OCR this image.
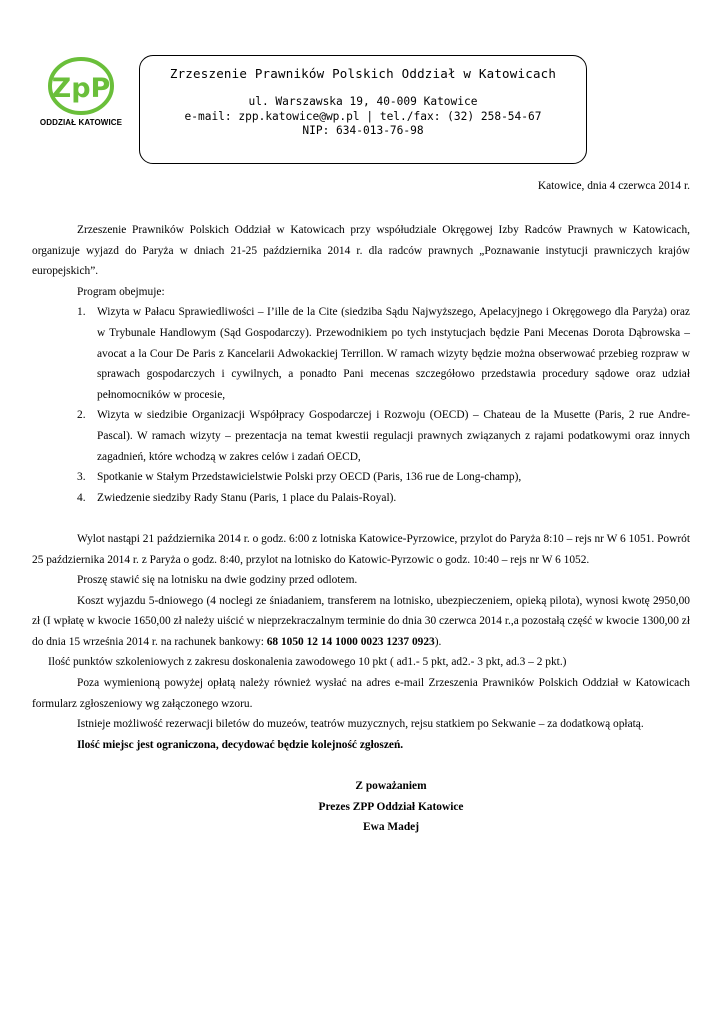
ZpP
ODDZIAŁ KATOWICE
Zrzeszenie Prawników Polskich Oddział w Katowicach
ul. Warszawska 19, 40-009 Katowice
e-mail: zpp.katowice@wp.pl | tel./fax: (32) 258-54-67
NIP: 634-013-76-98
Katowice, dnia 4 czerwca 2014 r.

Zrzeszenie Prawników Polskich Oddział w Katowicach przy współudziale Okręgowej Izby Radców Prawnych w Katowicach, organizuje wyjazd do Paryża w dniach 21-25 października 2014 r. dla radców prawnych „Poznawanie instytucji prawniczych krajów europejskich”.

Program obejmuje:

1. Wizyta w Pałacu Sprawiedliwości – I’ille de la Cite (siedziba Sądu Najwyższego, Apelacyjnego i Okręgowego dla Paryża) oraz w Trybunale Handlowym (Sąd Gospodarczy). Przewodnikiem po tych instytucjach będzie Pani Mecenas Dorota Dąbrowska – avocat a la Cour De Paris z Kancelarii Adwokackiej Terrillon. W ramach wizyty będzie można obserwować przebieg rozpraw w sprawach gospodarczych i cywilnych, a ponadto Pani mecenas szczegółowo przedstawia procedury sądowe oraz udział pełnomocników w procesie,
2. Wizyta w siedzibie Organizacji Współpracy Gospodarczej i Rozwoju (OECD) – Chateau de la Musette (Paris, 2 rue Andre-Pascal). W ramach wizyty – prezentacja na temat kwestii regulacji prawnych związanych z rajami podatkowymi oraz innych zagadnień, które wchodzą w zakres celów i zadań OECD,
3. Spotkanie w Stałym Przedstawicielstwie Polski przy OECD (Paris, 136 rue de Long-champ),
4. Zwiedzenie siedziby Rady Stanu (Paris, 1 place du Palais-Royal).

Wylot nastąpi 21 października 2014 r. o godz. 6:00 z lotniska Katowice-Pyrzowice, przylot do Paryża 8:10 – rejs nr W 6 1051. Powrót 25 października 2014 r. z Paryża o godz. 8:40, przylot na lotnisko do Katowic-Pyrzowic o godz. 10:40 – rejs nr W 6 1052.

Proszę stawić się na lotnisku na dwie godziny przed odlotem.

Koszt wyjazdu 5-dniowego (4 noclegi ze śniadaniem, transferem na lotnisko, ubezpieczeniem, opieką pilota), wynosi kwotę 2950,00 zł (I wpłatę w kwocie 1650,00 zł należy uiścić w nieprzekraczalnym terminie do dnia 30 czerwca 2014 r.,a pozostałą część w kwocie 1300,00 zł do dnia 15 września 2014 r. na rachunek bankowy: 68 1050 12 14 1000 0023 1237 0923).

Ilość punktów szkoleniowych z zakresu doskonalenia zawodowego 10 pkt ( ad1.- 5 pkt, ad2.- 3 pkt, ad.3 – 2 pkt.)

Poza wymienioną powyżej opłatą należy również wysłać na adres e-mail Zrzeszenia Prawników Polskich Oddział w Katowicach formularz zgłoszeniowy wg załączonego wzoru.

Istnieje możliwość rezerwacji biletów do muzeów, teatrów muzycznych, rejsu statkiem po Sekwanie – za dodatkową opłatą.

Ilość miejsc jest ograniczona, decydować będzie kolejność zgłoszeń.

Z poważaniem
Prezes ZPP Oddział Katowice
Ewa Madej
